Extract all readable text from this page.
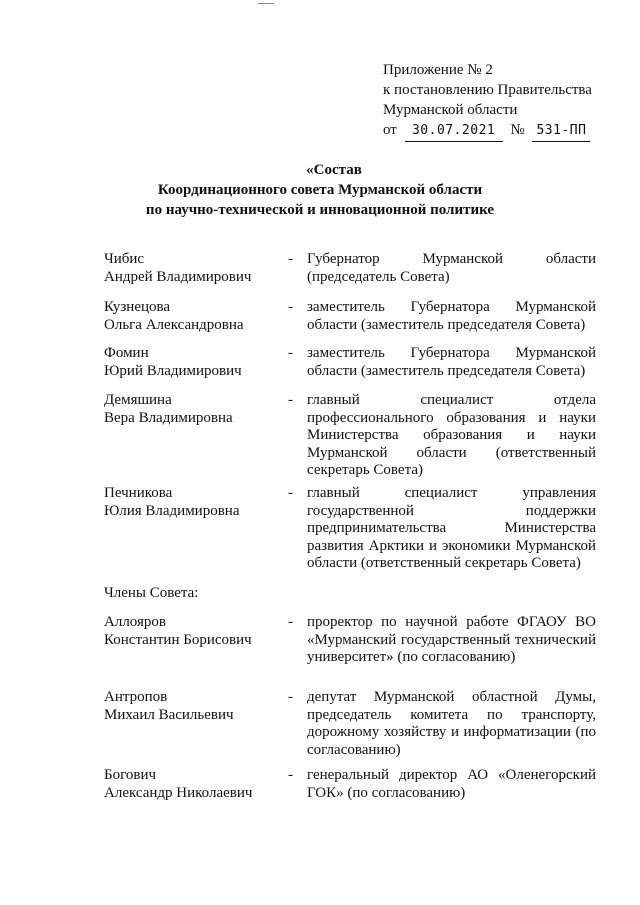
Приложение № 2
к постановлению Правительства
Мурманской области
от 30.07.2021 № 531-ПП
«Состав
Координационного совета Мурманской области
по научно-технической и инновационной политике
Чибис
Андрей Владимирович
- Губернатор Мурманской области (председатель Совета)
Кузнецова
Ольга Александровна
- заместитель Губернатора Мурманской области (заместитель председателя Совета)
Фомин
Юрий Владимирович
- заместитель Губернатора Мурманской области (заместитель председателя Совета)
Демяшина
Вера Владимировна
- главный специалист отдела профессионального образования и науки Министерства образования и науки Мурманской области (ответственный секретарь Совета)
Печникова
Юлия Владимировна
- главный специалист управления государственной поддержки предпринимательства Министерства развития Арктики и экономики Мурманской области (ответственный секретарь Совета)
Члены Совета:
Аллояров
Константин Борисович
- проректор по научной работе ФГАОУ ВО «Мурманский государственный технический университет» (по согласованию)
Антропов
Михаил Васильевич
- депутат Мурманской областной Думы, председатель комитета по транспорту, дорожному хозяйству и информатизации (по согласованию)
Богович
Александр Николаевич
- генеральный директор АО «Оленегорский ГОК» (по согласованию)
